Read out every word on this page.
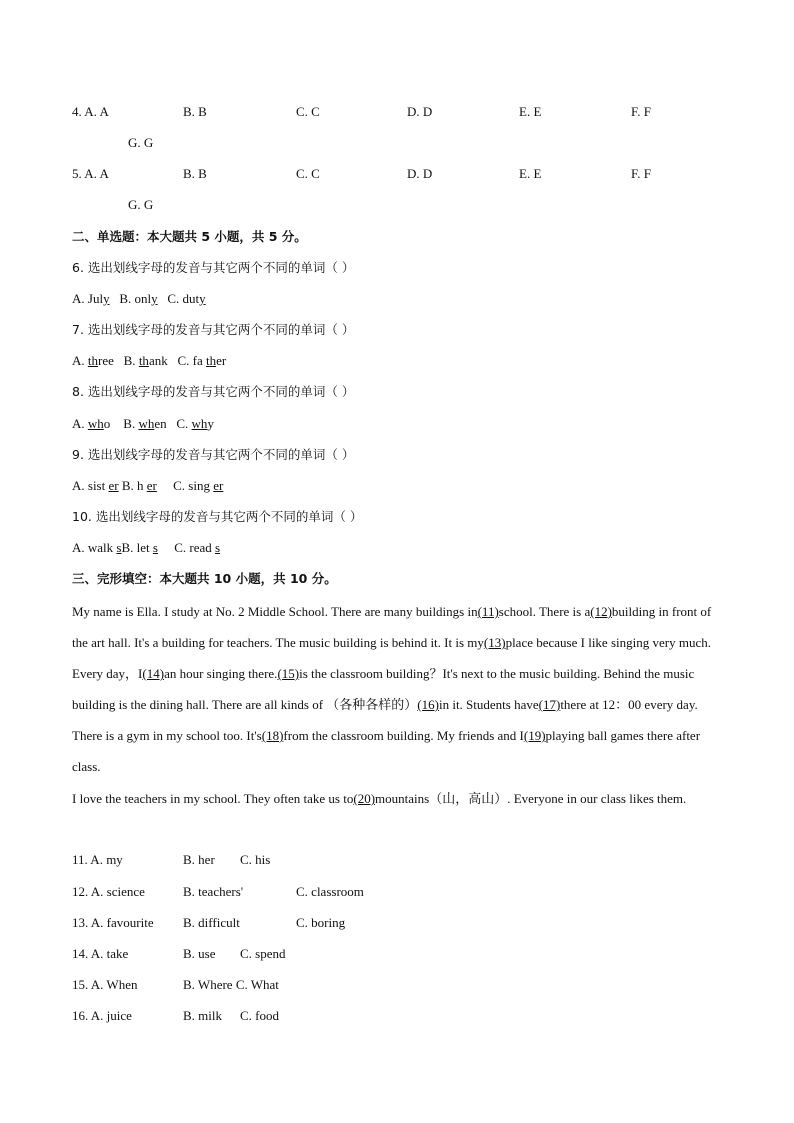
4. A. A	B. B	C. C	D. D	E. E	F. F
G. G
5. A. A	B. B	C. C	D. D	E. E	F. F
G. G
二、单选题：本大题共 5 小题，共 5 分。
6. 选出划线字母的发音与其它两个不同的单词（ ）
A. July B. only C. duty
7. 选出划线字母的发音与其它两个不同的单词（ ）
A. three B. thank C. fa ther
8. 选出划线字母的发音与其它两个不同的单词（ ）
A. who B. when C. why
9. 选出划线字母的发音与其它两个不同的单词（ ）
A. sist er B. h er C. sing er
10. 选出划线字母的发音与其它两个不同的单词（ ）
A. walk sB. let s C. read s
三、完形填空：本大题共 10 小题，共 10 分。
My name is Ella. I study at No. 2 Middle School. There are many buildings in(11)school. There is a(12)building in front of the art hall. It's a building for teachers. The music building is behind it. It is my(13)place because I like singing very much. Every day，I(14)an hour singing there.(15)is the classroom building？It's next to the music building. Behind the music building is the dining hall. There are all kinds of （各种各样的）(16)in it. Students have(17)there at 12：00 every day. There is a gym in my school too. It's(18)from the classroom building. My friends and I(19)playing ball games there after class.
I love the teachers in my school. They often take us to(20)mountains（山，高山）. Everyone in our class likes them.
11. A. my	B. her C. his
12. A. science	B. teachers'	C. classroom
13. A. favourite B. difficult	C. boring
14. A. take	B. use C. spend
15. A. When	B. Where C. What
16. A. juice	B. milk C. food
